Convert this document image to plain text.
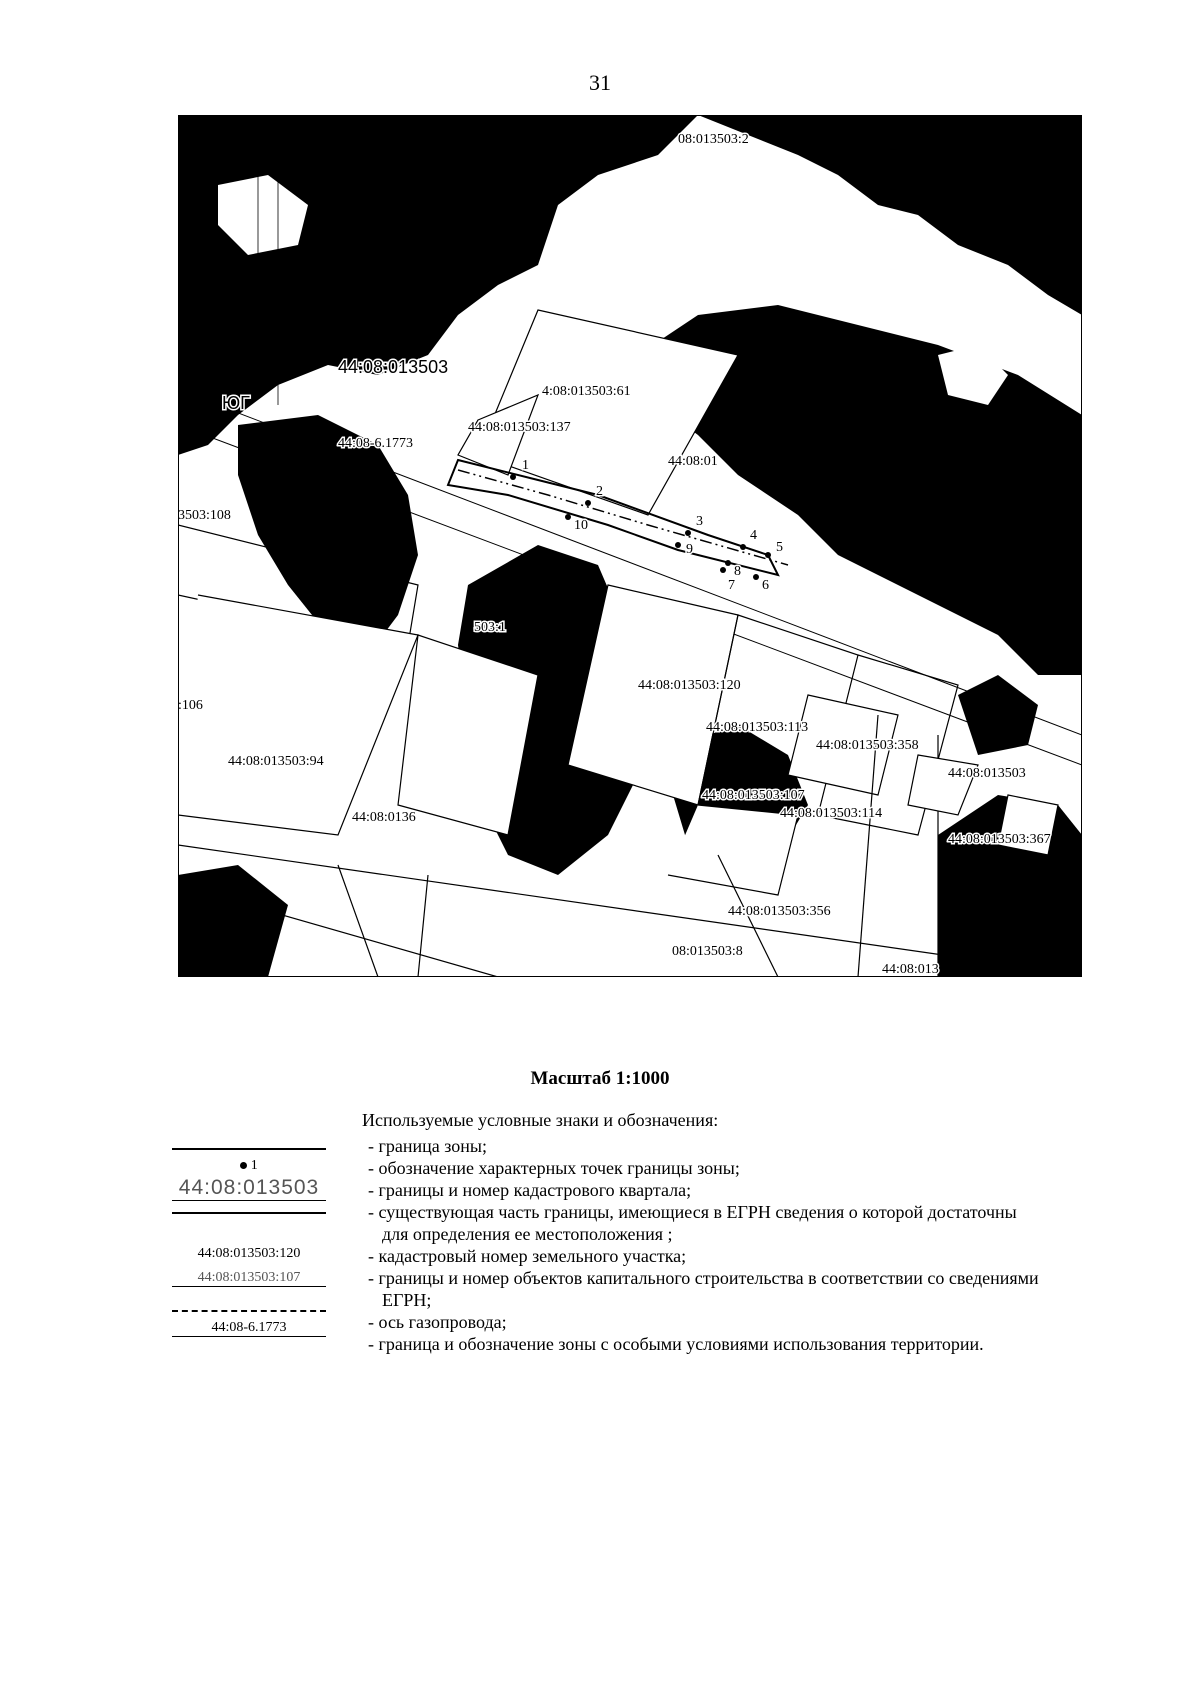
31
1
2
3
4
5
6
7
8
9
10
08:013503:2
44:08:013503
ЮГ
4:08:013503:61
44:08:013503:137
44:08-6.1773
3503:108
44:08:01
503:1
:106
44:08:013503:120
44:08:013503:113
44:08:013503:358
44:08:013503:94
44:08:013503
44:08:013503:107
44:08:013503:114
44:08:0136
44:08:013503:367
44:08:013503:356
08:013503:8
44:08:013
Масштаб 1:1000
Используемые условные знаки и обозначения:
1
44:08:013503
44:08:013503:120
44:08:013503:107
44:08-6.1773
- граница зоны;
- обозначение характерных точек границы зоны;
- границы и номер кадастрового квартала;
- существующая часть границы, имеющиеся в ЕГРН сведения о которой достаточны
для определения ее местоположения ;
- кадастровый номер земельного участка;
- границы и номер объектов капитального строительства в соответствии со сведениями
ЕГРН;
- ось газопровода;
- граница и обозначение зоны с особыми условиями использования территории.
